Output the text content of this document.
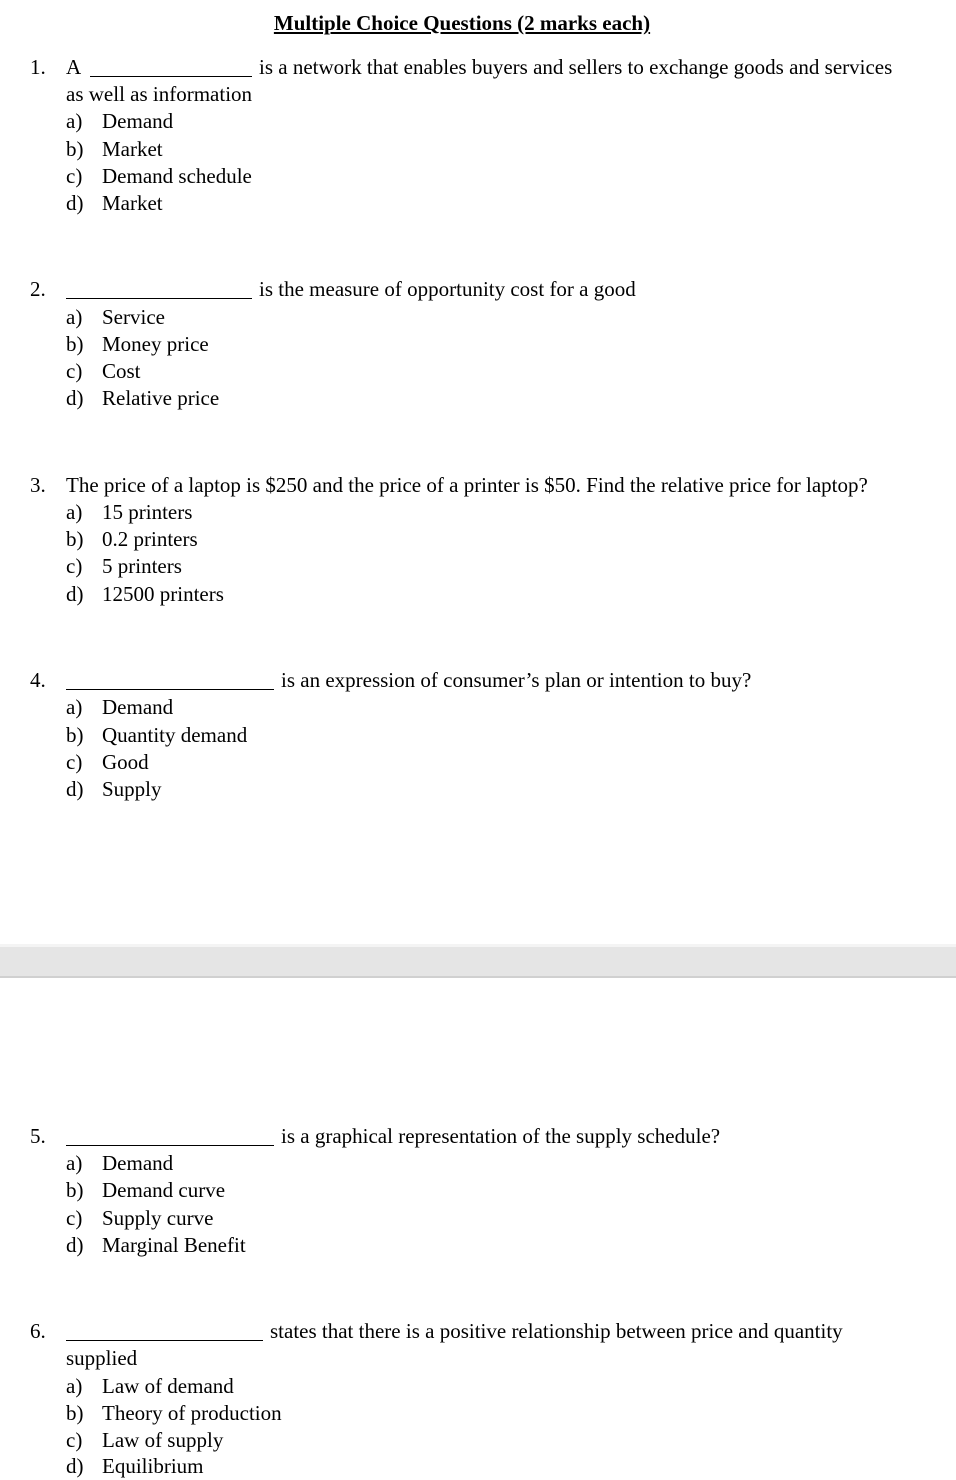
Multiple Choice Questions (2 marks each)
1. A	is a network that enables buyers and sellers to exchange goods and services
as well as information
a) Demand
b) Market
c) Demand schedule
d) Market
2.	is the measure of opportunity cost for a good
a) Service
b) Money price
c) Cost
d) Relative price
3. The price of a laptop is $250 and the price of a printer is $50. Find the relative price for laptop?
a) 15 printers
b) 0.2 printers
c) 5 printers
d) 12500 printers
4.	is an expression of consumer’s plan or intention to buy?
a) Demand
b) Quantity demand
c) Good
d) Supply
5.	is a graphical representation of the supply schedule?
a) Demand
b) Demand curve
c) Supply curve
d) Marginal Benefit
6.	states that there is a positive relationship between price and quantity
supplied
a) Law of demand
b) Theory of production
c) Law of supply
d) Equilibrium
